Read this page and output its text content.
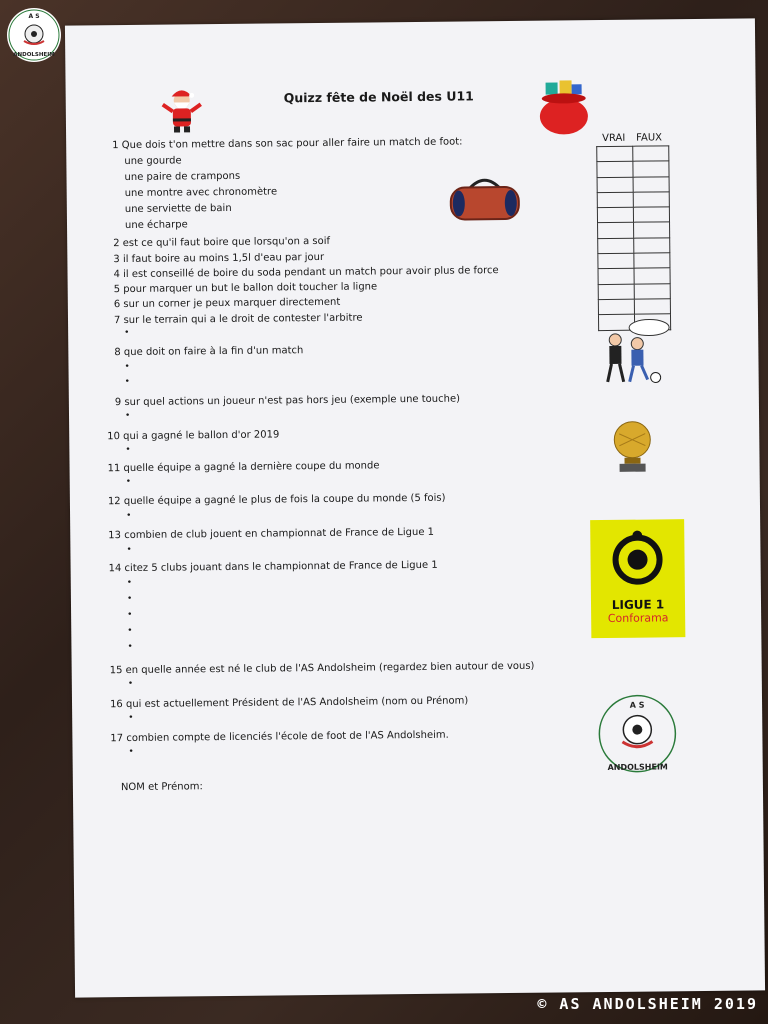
A S
ANDOLSHEIM
Quizz fête de Noël des U11
VRAI FAUX

1 Que dois t'on mettre dans son sac pour aller faire un match de foot:
une gourde
une paire de crampons
une montre avec chronomètre
une serviette de bain
une écharpe
2 est ce qu'il faut boire que lorsqu'on a soif
3 il faut boire au moins 1,5l d'eau par jour
4 il est conseillé de boire du soda pendant un match pour avoir plus de force
5 pour marquer un but le ballon doit toucher la ligne
6 sur un corner je peux marquer directement
7 sur le terrain qui a le droit de contester l'arbitre
•
8 que doit on faire à la fin d'un match
•
•
9 sur quel actions un joueur n'est pas hors jeu (exemple une touche)
•
10 qui a gagné le ballon d'or 2019
•
11 quelle équipe a gagné la dernière coupe du monde
•
12 quelle équipe a gagné le plus de fois la coupe du monde (5 fois)
•
13 combien de club jouent en championnat de France de Ligue 1
•
LIGUE 1
Conforama
14 citez 5 clubs jouant dans le championnat de France de Ligue 1
•
•
•
•
•
15 en quelle année est né le club de l'AS Andolsheim (regardez bien autour de vous)
•
16 qui est actuellement Président de l'AS Andolsheim (nom ou Prénom)
•
A S
ANDOLSHEIM
17 combien compte de licenciés l'école de foot de l'AS Andolsheim.
•
NOM et Prénom:
© AS ANDOLSHEIM 2019
